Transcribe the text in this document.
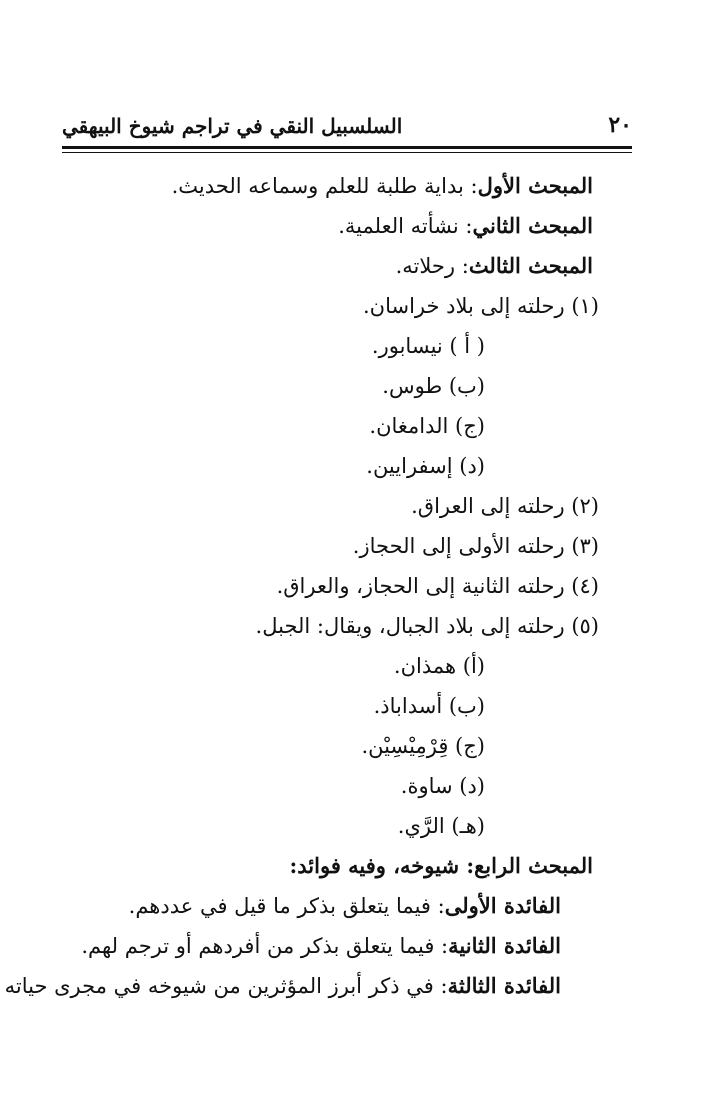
٢٠
السلسبيل النقي في تراجم شيوخ البيهقي
المبحث الأول: بداية طلبة للعلم وسماعه الحديث.
المبحث الثاني: نشأته العلمية.
المبحث الثالث: رحلاته.
(١) رحلته إلى بلاد خراسان.
( أ ) نيسابور.
(ب) طوس.
(ج) الدامغان.
(د) إسفرايين.
(٢) رحلته إلى العراق.
(٣) رحلته الأولى إلى الحجاز.
(٤) رحلته الثانية إلى الحجاز، والعراق.
(٥) رحلته إلى بلاد الجبال، ويقال: الجبل.
(أ) همذان.
(ب) أسداباذ.
(ج) قِرْمِيْسِيْن.
(د) ساوة.
(هـ) الرَّي.
المبحث الرابع: شيوخه، وفيه فوائد:
الفائدة الأولى: فيما يتعلق بذكر ما قيل في عددهم.
الفائدة الثانية: فيما يتعلق بذكر من أفردهم أو ترجم لهم.
الفائدة الثالثة: في ذكر أبرز المؤثرين من شيوخه في مجرى حياته
